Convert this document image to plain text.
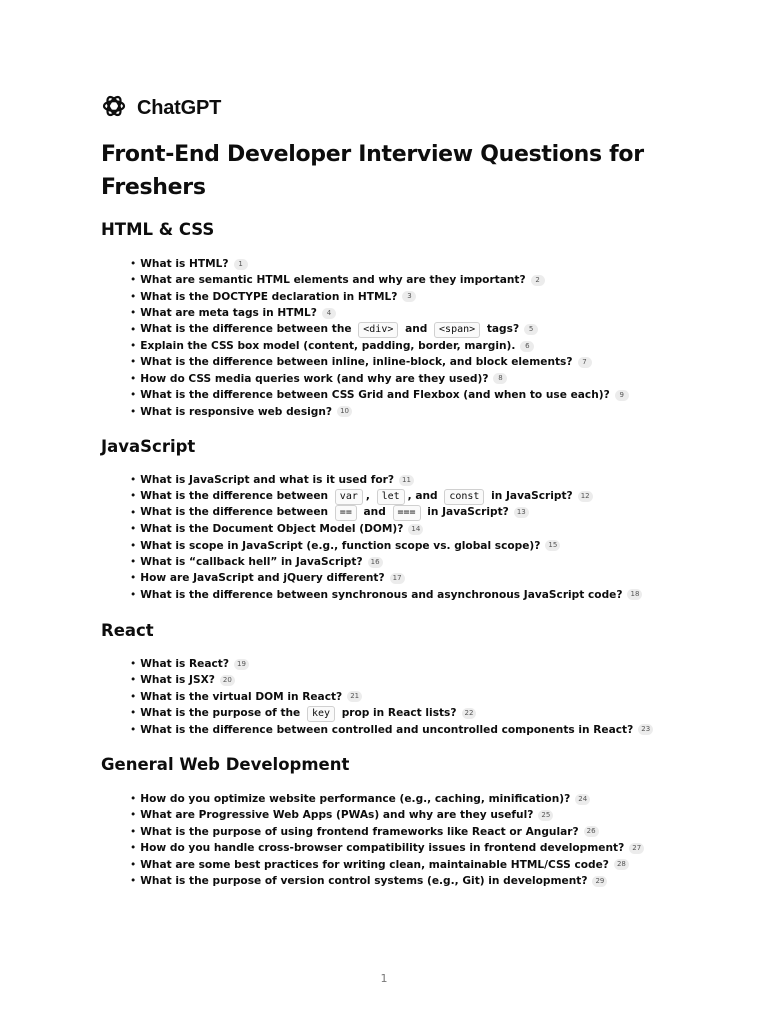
ChatGPT
Front-End Developer Interview Questions for Freshers
HTML & CSS
• What is HTML?	1
• What are semantic HTML elements and why are they important?	2
• What is the DOCTYPE declaration in HTML?	3
• What are meta tags in HTML?	4
• What is the difference between the <div> and <span> tags?	5
• Explain the CSS box model (content, padding, border, margin).	6
• What is the difference between inline, inline-block, and block elements?	7
• How do CSS media queries work (and why are they used)?	8
• What is the difference between CSS Grid and Flexbox (and when to use each)?	9
• What is responsive web design?	10
JavaScript
• What is JavaScript and what is it used for?	11
• What is the difference between var , let , and const in JavaScript?	12
• What is the difference between == and === in JavaScript?	13
• What is the Document Object Model (DOM)?	14
• What is scope in JavaScript (e.g., function scope vs. global scope)?	15
• What is “callback hell” in JavaScript?	16
• How are JavaScript and jQuery different?	17
• What is the difference between synchronous and asynchronous JavaScript code?	18
React
• What is React?	19
• What is JSX?	20
• What is the virtual DOM in React?	21
• What is the purpose of the key prop in React lists?	22
• What is the difference between controlled and uncontrolled components in React?	23
General Web Development
• How do you optimize website performance (e.g., caching, minification)?	24
• What are Progressive Web Apps (PWAs) and why are they useful?	25
• What is the purpose of using frontend frameworks like React or Angular?	26
• How do you handle cross-browser compatibility issues in frontend development?	27
• What are some best practices for writing clean, maintainable HTML/CSS code?	28
• What is the purpose of version control systems (e.g., Git) in development?	29
1
